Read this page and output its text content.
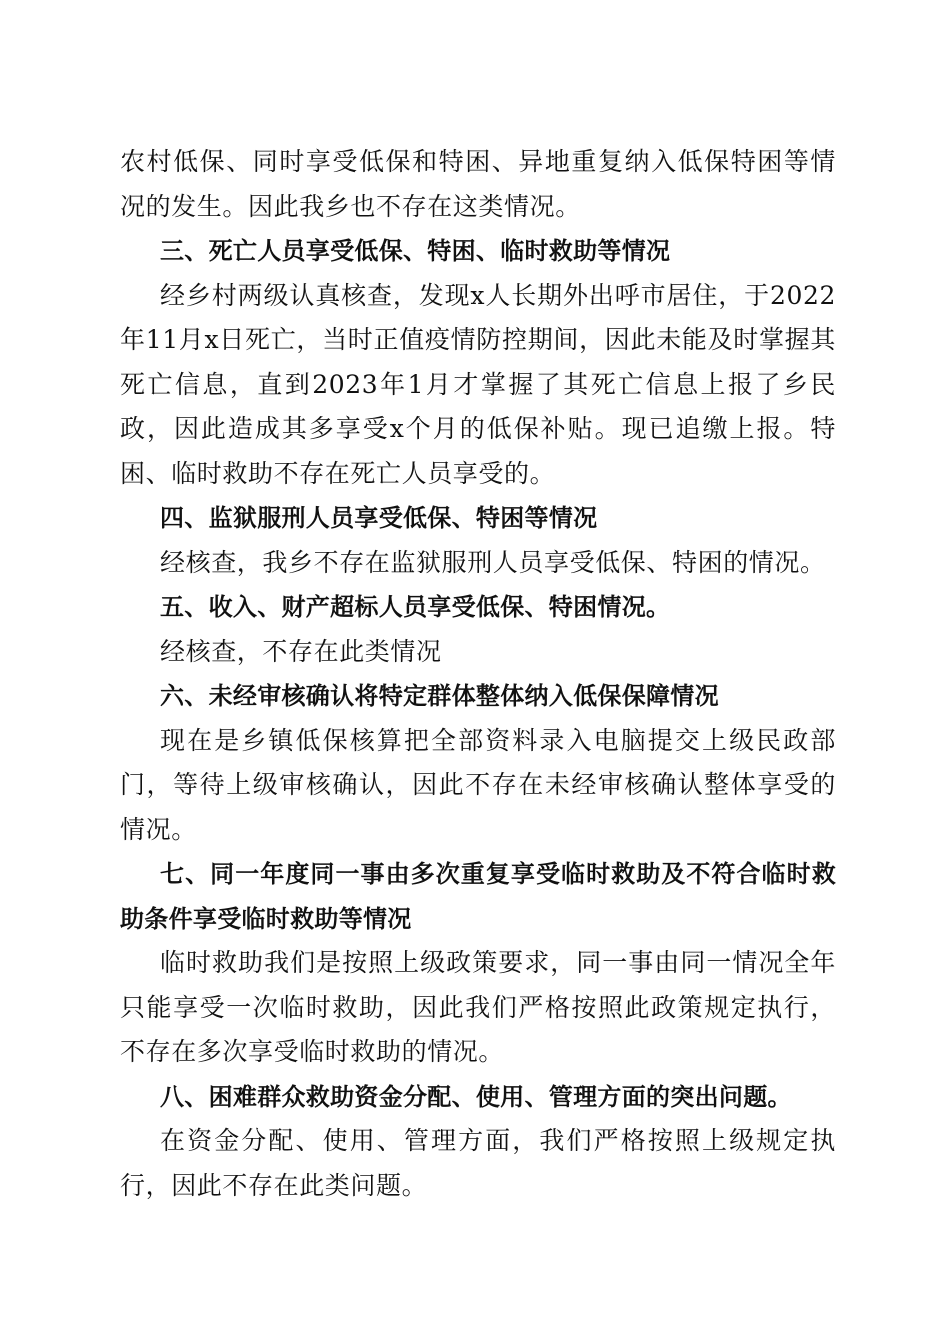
农村低保、同时享受低保和特困、异地重复纳入低保特困等情况的发生。因此我乡也不存在这类情况。

三、死亡人员享受低保、特困、临时救助等情况

经乡村两级认真核查，发现x人长期外出呼市居住，于2022年11月x日死亡，当时正值疫情防控期间，因此未能及时掌握其死亡信息，直到2023年1月才掌握了其死亡信息上报了乡民政，因此造成其多享受x个月的低保补贴。现已追缴上报。特困、临时救助不存在死亡人员享受的。

四、监狱服刑人员享受低保、特困等情况

经核查，我乡不存在监狱服刑人员享受低保、特困的情况。

五、收入、财产超标人员享受低保、特困情况。

经核查，不存在此类情况

六、未经审核确认将特定群体整体纳入低保保障情况

现在是乡镇低保核算把全部资料录入电脑提交上级民政部门，等待上级审核确认，因此不存在未经审核确认整体享受的情况。

七、同一年度同一事由多次重复享受临时救助及不符合临时救助条件享受临时救助等情况

临时救助我们是按照上级政策要求，同一事由同一情况全年只能享受一次临时救助，因此我们严格按照此政策规定执行，不存在多次享受临时救助的情况。

八、困难群众救助资金分配、使用、管理方面的突出问题。

在资金分配、使用、管理方面，我们严格按照上级规定执行，因此不存在此类问题。
